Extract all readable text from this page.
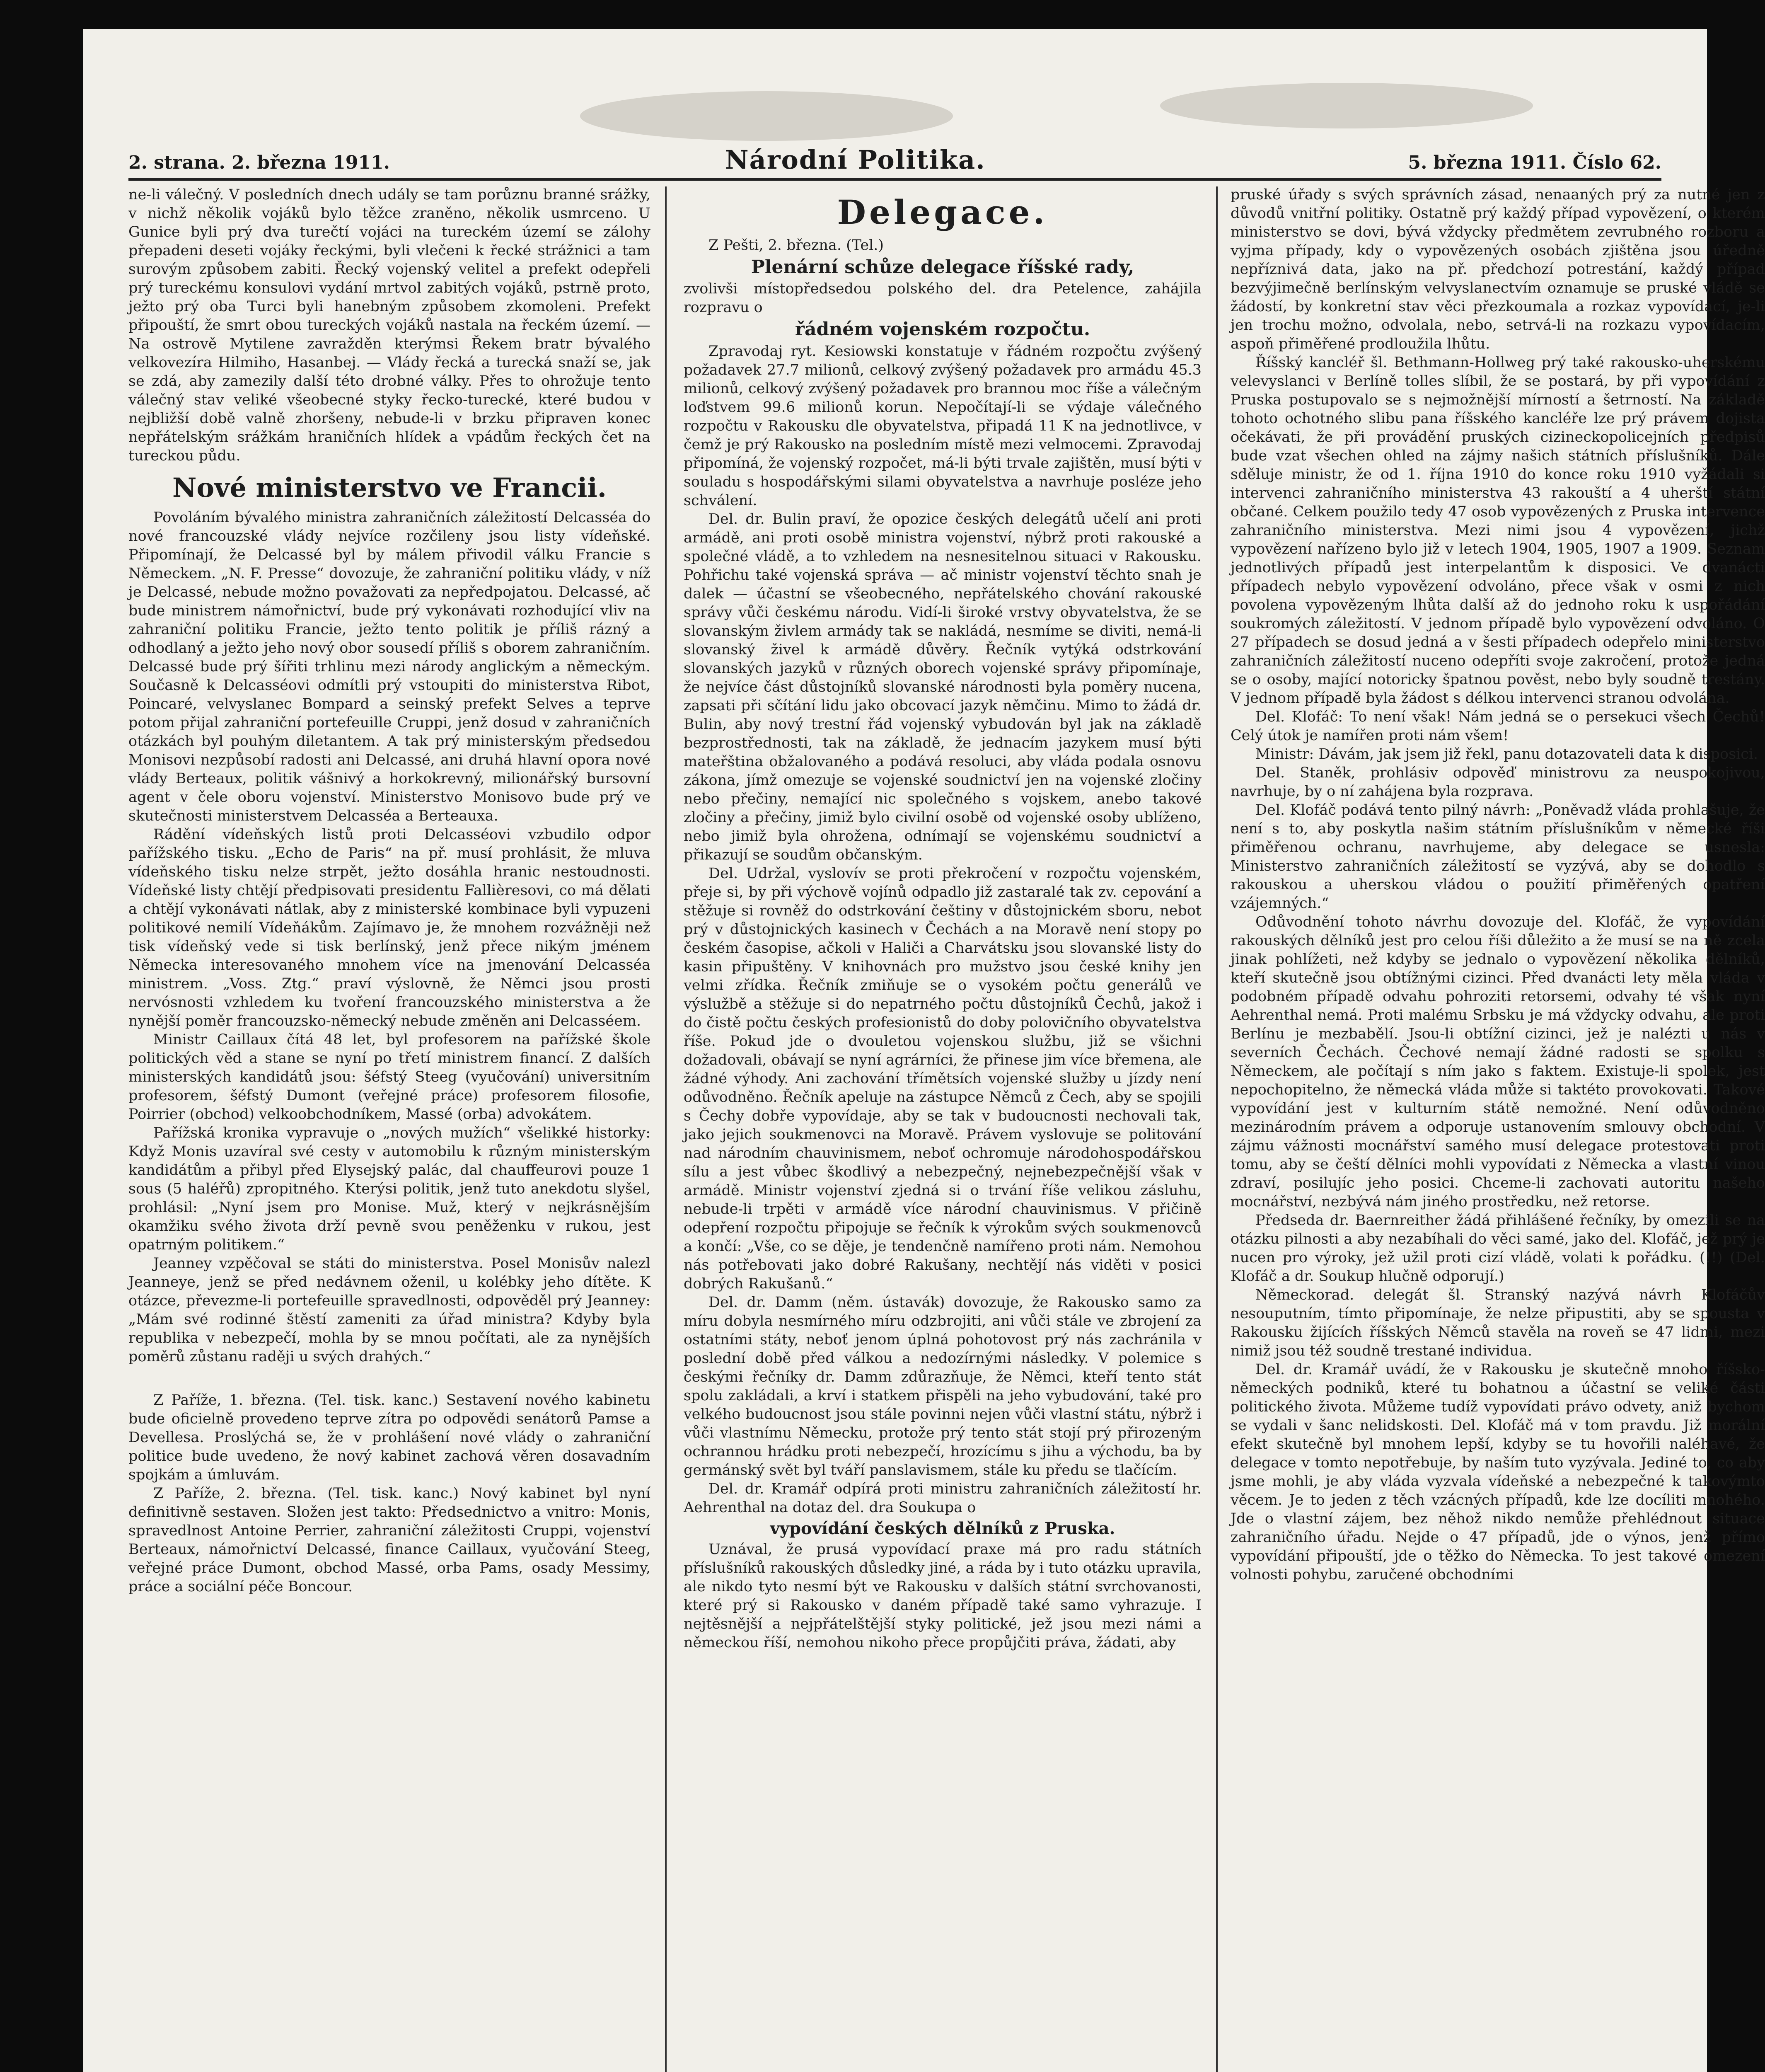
2. strana. 2. března 1911.	Národní Politika.	5. března 1911. Číslo 62.

ne-li válečný. V posledních dnech udály se tam porůznu branné srážky, v nichž několik vojáků bylo těžce zraněno, několik usmrceno. U Gunice byli prý dva turečtí vojáci na tureckém území se zálohy přepadeni deseti vojáky řeckými, byli vlečeni k řecké strážnici a tam surovým způsobem zabiti. Řecký vojenský velitel a prefekt odepřeli prý tureckému konsulovi vydání mrtvol zabitých vojáků, pstrně proto, ježto prý oba Turci byli hanebným způsobem zkomoleni. Prefekt připouští, že smrt obou tureckých vojáků nastala na řeckém území. — Na ostrově Mytilene zavražděn kterýmsi Řekem bratr bývalého velkovezíra Hilmiho, Hasanbej. — Vlády řecká a turecká snaží se, jak se zdá, aby zamezily další této drobné války. Přes to ohrožuje tento válečný stav veliké všeobecné styky řecko-turecké, které budou v nejbližší době valně zhoršeny, nebude-li v brzku připraven konec nepřátelským srážkám hraničních hlídek a vpádům řeckých čet na tureckou půdu.

Nové ministerstvo ve Francii.

Povoláním bývalého ministra zahraničních záležitostí Delcasséa do nové francouzské vlády nejvíce rozčileny jsou listy vídeňské. Připomínají, že Delcassé byl by málem přivodil válku Francie s Německem. „N. F. Presse“ dovozuje, že zahraniční politiku vlády, v níž je Delcassé, nebude možno považovati za nepředpojatou. Delcassé, ač bude ministrem námořnictví, bude prý vykonávati rozhodující vliv na zahraniční politiku Francie, ježto tento politik je příliš rázný a odhodlaný a ježto jeho nový obor sousedí příliš s oborem zahraničním. Delcassé bude prý šířiti trhlinu mezi národy anglickým a německým. Současně k Delcasséovi odmítli prý vstoupiti do ministerstva Ribot, Poincaré, velvyslanec Bompard a seinský prefekt Selves a teprve potom přijal zahraniční portefeuille Cruppi, jenž dosud v zahraničních otázkách byl pouhým diletantem. A tak prý ministerským předsedou Monisovi nezpůsobí radosti ani Delcassé, ani druhá hlavní opora nové vlády Berteaux, politik vášnivý a horkokrevný, milionářský bursovní agent v čele oboru vojenství. Ministerstvo Monisovo bude prý ve skutečnosti ministerstvem Delcasséa a Berteauxa.

Rádění vídeňských listů proti Delcasséovi vzbudilo odpor pařížského tisku. „Echo de Paris“ na př. musí prohlásit, že mluva vídeňského tisku nelze strpět, ježto dosáhla hranic nestoudnosti. Vídeňské listy chtějí předpisovati presidentu Fallièresovi, co má dělati a chtějí vykonávati nátlak, aby z ministerské kombinace byli vypuzeni politikové nemilí Vídeňákům. Zajímavo je, že mnohem rozvážněji než tisk vídeňský vede si tisk berlínský, jenž přece nikým jménem Německa interesovaného mnohem více na jmenování Delcasséa ministrem. „Voss. Ztg.“ praví výslovně, že Němci jsou prosti nervósnosti vzhledem ku tvoření francouzského ministerstva a že nynější poměr francouzsko-německý nebude změněn ani Delcasséem.

Ministr Caillaux čítá 48 let, byl profesorem na pařížské škole politických věd a stane se nyní po třetí ministrem financí. Z dalších ministerských kandidátů jsou: šéfstý Steeg (vyučování) universitním profesorem, šéfstý Dumont (veřejné práce) profesorem filosofie, Poirrier (obchod) velkoobchodníkem, Massé (orba) advokátem.

Pařížská kronika vypravuje o „nových mužích“ všelikké historky: Když Monis uzavíral své cesty v automobilu k různým ministerským kandidátům a přibyl před Elysejský palác, dal chauffeurovi pouze 1 sous (5 haléřů) zpropitného. Kterýsi politik, jenž tuto anekdotu slyšel, prohlásil: „Nyní jsem pro Monise. Muž, který v nejkrásnějším okamžiku svého života drží pevně svou peněženku v rukou, jest opatrným politikem.“

Jeanney vzpěčoval se státi do ministerstva. Posel Monisův nalezl Jeanneye, jenž se před nedávnem oženil, u kolébky jeho dítěte. K otázce, převezme-li portefeuille spravedlnosti, odpověděl prý Jeanney: „Mám své rodinné štěstí zameniti za úřad ministra? Kdyby byla republika v nebezpečí, mohla by se mnou počítati, ale za nynějších poměrů zůstanu raději u svých drahých.“

Z Paříže, 1. března. (Tel. tisk. kanc.) Sestavení nového kabinetu bude oficielně provedeno teprve zítra po odpovědi senátorů Pamse a Devellesa. Proslýchá se, že v prohlášení nové vlády o zahraniční politice bude uvedeno, že nový kabinet zachová věren dosavadním spojkám a úmluvám.

Z Paříže, 2. března. (Tel. tisk. kanc.) Nový kabinet byl nyní definitivně sestaven. Složen jest takto: Předsednictvo a vnitro: Monis, spravedlnost Antoine Perrier, zahraniční záležitosti Cruppi, vojenství Berteaux, námořnictví Delcassé, finance Caillaux, vyučování Steeg, veřejné práce Dumont, obchod Massé, orba Pams, osady Messimy, práce a sociální péče Boncour.

Delegace.

Z Pešti, 2. března. (Tel.)

Plenární schůze delegace říšské rady,

zvolivši místopředsedou polského del. dra Petelence, zahájila rozpravu o

řádném vojenském rozpočtu.

Zpravodaj ryt. Kesiowski konstatuje v řádném rozpočtu zvýšený požadavek 27.7 milionů, celkový zvýšený požadavek pro armádu 45.3 milionů, celkový zvýšený požadavek pro brannou moc říše a válečným loďstvem 99.6 milionů korun. Nepočítají-li se výdaje válečného rozpočtu v Rakousku dle obyvatelstva, připadá 11 K na jednotlivce, v čemž je prý Rakousko na posledním místě mezi velmocemi. Zpravodaj připomíná, že vojenský rozpočet, má-li býti trvale zajištěn, musí býti v souladu s hospodářskými silami obyvatelstva a navrhuje posléze jeho schválení.

Del. dr. Bulin praví, že opozice českých delegátů učelí ani proti armádě, ani proti osobě ministra vojenství, nýbrž proti rakouské a společné vládě, a to vzhledem na nesnesitelnou situaci v Rakousku. Pohřichu také vojenská správa — ač ministr vojenství těchto snah je dalek — účastní se všeobecného, nepřátelského chování rakouské správy vůči českému národu. Vidí-li široké vrstvy obyvatelstva, že se slovanským živlem armády tak se nakládá, nesmíme se diviti, nemá-li slovanský živel k armádě důvěry. Řečník vytýká odstrkování slovanských jazyků v různých oborech vojenské správy připomínaje, že nejvíce část důstojníků slovanské národnosti byla poměry nucena, zapsati při sčítání lidu jako obcovací jazyk němčinu. Mimo to žádá dr. Bulin, aby nový trestní řád vojenský vybudován byl jak na základě bezprostřednosti, tak na základě, že jednacím jazykem musí býti mateřština obžalovaného a podává resoluci, aby vláda podala osnovu zákona, jímž omezuje se vojenské soudnictví jen na vojenské zločiny nebo přečiny, nemající nic společného s vojskem, anebo takové zločiny a přečiny, jimiž bylo civilní osobě od vojenské osoby ublíženo, nebo jimiž byla ohrožena, odnímají se vojenskému soudnictví a přikazují se soudům občanským.

Del. Udržal, vyslovív se proti překročení v rozpočtu vojenském, přeje si, by při výchově vojínů odpadlo již zastaralé tak zv. cepování a stěžuje si rovněž do odstrkování češtiny v důstojnickém sboru, nebot prý v důstojnických kasinech v Čechách a na Moravě není stopy po českém časopise, ačkoli v Haliči a Charvátsku jsou slovanské listy do kasin připuštěny. V knihovnách pro mužstvo jsou české knihy jen velmi zřídka. Řečník zmiňuje se o vysokém počtu generálů ve výslužbě a stěžuje si do nepatrného počtu důstojníků Čechů, jakož i do čistě počtu českých profesionistů do doby polovičního obyvatelstva říše. Pokud jde o dvouletou vojenskou službu, již se všichni dožadovali, obávají se nyní agrárníci, že přinese jim více břemena, ale žádné výhody. Ani zachování třímětsích vojenské služby u jízdy není odůvodněno. Řečník apeluje na zástupce Němců z Čech, aby se spojili s Čechy dobře vypovídaje, aby se tak v budoucnosti nechovali tak, jako jejich soukmenovci na Moravě. Právem vyslovuje se politování nad národním chauvinismem, neboť ochromuje národohospodářskou sílu a jest vůbec škodlivý a nebezpečný, nejnebezpečnější však v armádě. Ministr vojenství zjedná si o trvání říše velikou zásluhu, nebude-li trpěti v armádě více národní chauvinismus. V přičině odepření rozpočtu připojuje se řečník k výrokům svých soukmenovců a končí: „Vše, co se děje, je tendenčně namířeno proti nám. Nemohou nás potřebovati jako dobré Rakušany, nechtějí nás viděti v posici dobrých Rakušanů.“

Del. dr. Damm (něm. ústavák) dovozuje, že Rakousko samo za míru dobyla nesmírného míru odzbrojiti, ani vůči stále ve zbrojení za ostatními státy, neboť jenom úplná pohotovost prý nás zachránila v poslední době před válkou a nedozírnými následky. V polemice s českými řečníky dr. Damm zdůrazňuje, že Němci, kteří tento stát spolu zakládali, a krví i statkem přispěli na jeho vybudování, také pro velkého budoucnost jsou stále povinni nejen vůči vlastní státu, nýbrž i vůči vlastnímu Německu, protože prý tento stát stojí prý přirozeným ochrannou hrádku proti nebezpečí, hrozícímu s jihu a východu, ba by germánský svět byl tváří panslavismem, stále ku předu se tlačícím.

Del. dr. Kramář odpírá proti ministru zahraničních záležitostí hr. Aehrenthal na dotaz del. dra Soukupa o

vypovídání českých dělníků z Pruska.

Uznával, že prusá vypovídací praxe má pro radu státních příslušníků rakouských důsledky jiné, a ráda by i tuto otázku upravila, ale nikdo tyto nesmí být ve Rakousku v dalších státní svrchovanosti, které prý si Rakousko v daném případě také samo vyhrazuje. I nejtěsnější a nejpřátelštější styky politické, jež jsou mezi námi a německou říší, nemohou nikoho přece propůjčiti práva, žádati, aby

pruské úřady s svých správních zásad, nenaaných prý za nutné jen z důvodů vnitřní politiky. Ostatně prý každý případ vypovězení, o kterém ministerstvo se dovi, bývá vždycky předmětem zevrubného rozboru a vyjma případy, kdy o vypovězených osobách zjištěna jsou úředně nepříznivá data, jako na př. předchozí potrestání, každý případ bezvýjimečně berlínským velvyslanectvím oznamuje se pruské vládě se žádostí, by konkretní stav věci přezkoumala a rozkaz vypovídací, je-li jen trochu možno, odvolala, nebo, setrvá-li na rozkazu vypovídacím, aspoň přiměřené prodloužila lhůtu.

Říšský kancléř šl. Bethmann-Hollweg prý také rakousko-uherskému velevyslanci v Berlíně tolles slíbil, že se postará, by při vypovídání z Pruska postupovalo se s nejmožnější mírností a šetrností. Na základě tohoto ochotného slibu pana říšského kancléře lze prý právem dojista očekávati, že při provádění pruských cizineckopolicejních předpisů bude vzat všechen ohled na zájmy našich státních příslušníků. Dále sděluje ministr, že od 1. října 1910 do konce roku 1910 vyžádali si intervenci zahraničního ministerstva 43 rakouští a 4 uherští státní občané. Celkem použilo tedy 47 osob vypovězených z Pruska intervence zahraničního ministerstva. Mezi nimi jsou 4 vypovězení, jichž vypovězení nařízeno bylo již v letech 1904, 1905, 1907 a 1909. Seznam jednotlivých případů jest interpelantům k disposici. Ve dvanácti případech nebylo vypovězení odvoláno, přece však v osmi z nich povolena vypovězeným lhůta další až do jednoho roku k uspořádání soukromých záležitostí. V jednom případě bylo vypovězení odvoláno. O 27 případech se dosud jedná a v šesti případech odepřelo ministerstvo zahraničních záležitostí nuceno odepříti svoje zakročení, protože jedná se o osoby, mající notoricky špatnou pověst, nebo byly soudně trestány. V jednom případě byla žádost s délkou intervenci stranou odvolána.

Del. Klofáč: To není však! Nám jedná se o persekuci všech Čechů! Celý útok je namířen proti nám všem!

Ministr: Dávám, jak jsem již řekl, panu dotazovateli data k disposici.

Del. Staněk, prohlásiv odpověď ministrovu za neuspokojivou, navrhuje, by o ní zahájena byla rozprava.

Del. Klofáč podává tento pilný návrh: „Poněvadž vláda prohlašuje, že není s to, aby poskytla našim státním příslušníkům v německé říši přiměřenou ochranu, navrhujeme, aby delegace se usnesla: Ministerstvo zahraničních záležitostí se vyzývá, aby se dohodlo s rakouskou a uherskou vládou o použití přiměřených opatření vzájemných.“

Odůvodnění tohoto návrhu dovozuje del. Klofáč, že vypovídání rakouských dělníků jest pro celou říši důležito a že musí se na ně zcela jinak pohlížeti, než kdyby se jednalo o vypovězení několika dělníků, kteří skutečně jsou obtížnými cizinci. Před dvanácti lety měla vláda v podobném případě odvahu pohroziti retorsemi, odvahy té však nyní Aehrenthal nemá. Proti malému Srbsku je má vždycky odvahu, ale proti Berlínu je mezbabělí. Jsou-li obtížní cizinci, jež je nalézti u nás v severních Čechách. Čechové nemají žádné radosti se spolku s Německem, ale počítají s ním jako s faktem. Existuje-li spolek, jest nepochopitelno, že německá vláda může si taktéto provokovati. Takové vypovídání jest v kulturním státě nemožné. Není odůvodněno mezinárodním právem a odporuje ustanovením smlouvy obchodní. V zájmu vážnosti mocnářství samého musí delegace protestovati proti tomu, aby se čeští dělníci mohli vypovídati z Německa a vlastní vinou zdraví, posilujíc jeho posici. Chceme-li zachovati autoritu našeho mocnářství, nezbývá nám jiného prostředku, než retorse.

Předseda dr. Baernreither žádá přihlášené řečníky, by omezili se na otázku pilnosti a aby nezabíhali do věci samé, jako del. Klofáč, jež prý je nucen pro výroky, jež užil proti cizí vládě, volati k pořádku. (!!) (Del. Klofáč a dr. Soukup hlučně odporují.)

Německorad. delegát šl. Stranský nazývá návrh Klofáčův nesouputním, tímto připomínaje, že nelze připustiti, aby se spousta v Rakousku žijících říšských Němců stavěla na roveň se 47 lidmi, mezi nimiž jsou též soudně trestané individua.

Del. dr. Kramář uvádí, že v Rakousku je skutečně mnoho říšsko-německých podniků, které tu bohatnou a účastní se veliké části politického života. Můžeme tudíž vypovídati právo odvety, aniž bychom se vydali v šanc nelidskosti. Del. Klofáč má v tom pravdu. Již morální efekt skutečně byl mnohem lepší, kdyby se tu hovořili naléhavé, že delegace v tomto nepotřebuje, by naším tuto vyzývala. Jediné to, co aby jsme mohli, je aby vláda vyzvala vídeňské a nebezpečné k takovýmto věcem. Je to jeden z těch vzácných případů, kde lze docíliti mnohého. Jde o vlastní zájem, bez něhož nikdo nemůže přehlédnout situace zahraničního úřadu. Nejde o 47 případů, jde o výnos, jenž přímo vypovídání připouští, jde o těžko do Německa. To jest takové omezení volnosti pohybu, zaručené obchodními
